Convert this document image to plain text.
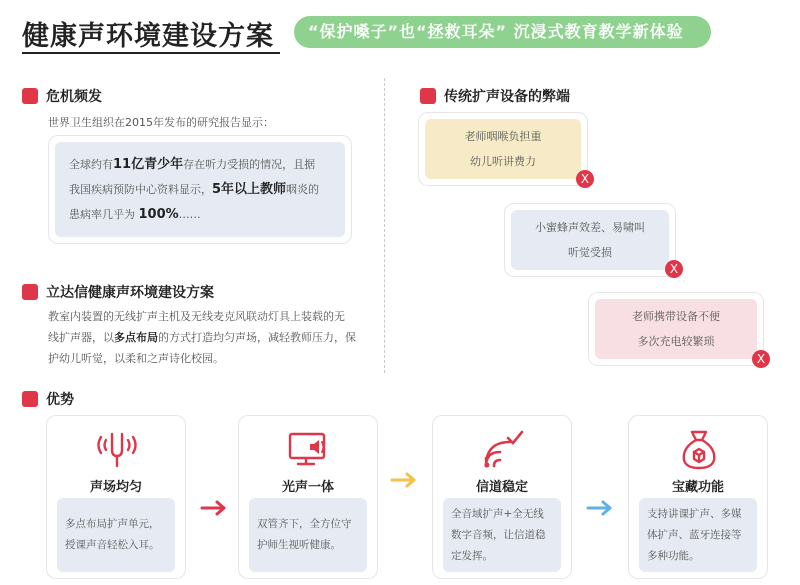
健康声环境建设方案	“保护嗓子”也“拯救耳朵” 沉浸式教育教学新体验
危机频发
世界卫生组织在2015年发布的研究报告显示：
全球约有11亿青少年存在听力受损的情况，且据
我国疾病预防中心资料显示，5年以上教师咽炎的
患病率几乎为 100%……
立达信健康声环境建设方案
教室内装置的无线扩声主机及无线麦克风联动灯具上装载的无
线扩声器，以多点布局的方式打造均匀声场，减轻教师压力，保
护幼儿听觉，以柔和之声诗化校园。
传统扩声设备的弊端
老师咽喉负担重
幼儿听讲费力
X
小蜜蜂声效差、易啸叫
听觉受损
X
老师携带设备不便
多次充电较繁琐
X
优势
声场均匀
多点布局扩声单元，授课声音轻松入耳。
光声一体
双管齐下，全方位守护师生视听健康。
信道稳定
全音域扩声+全无线数字音频，让信道稳定发挥。
宝藏功能
支持讲课扩声、多媒体扩声、蓝牙连接等多种功能。
